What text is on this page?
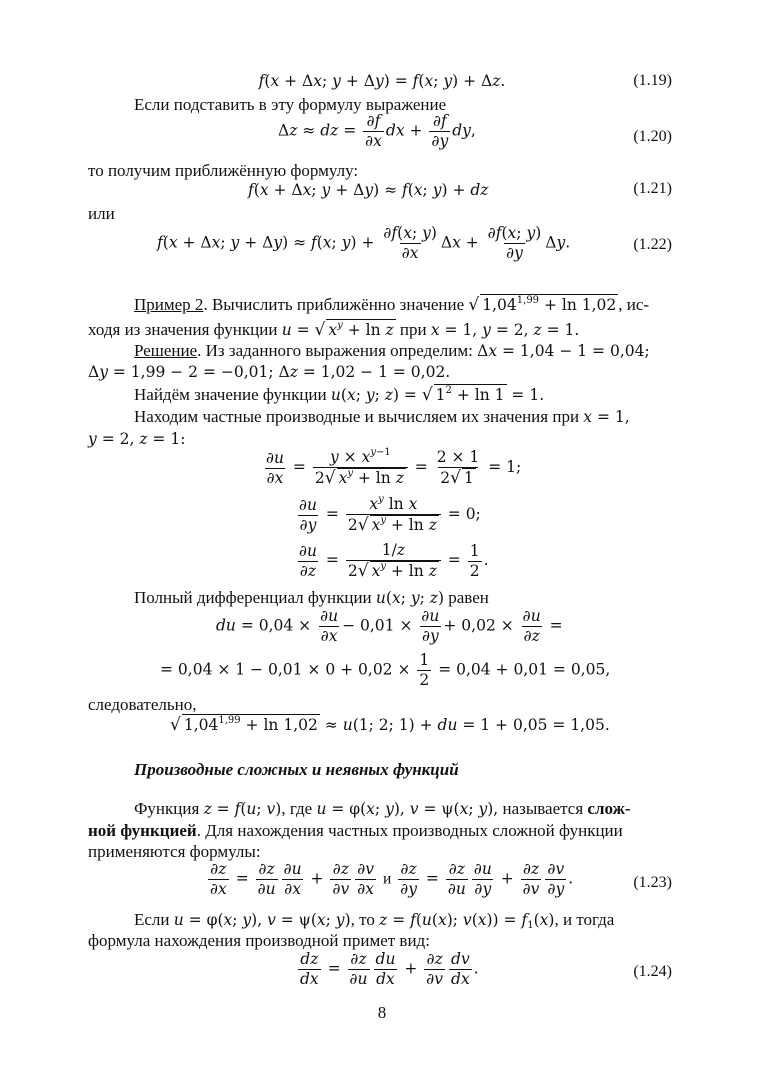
f(x + Δx; y + Δy) = f(x; y) + Δz.	(1.19)
Если подставить в эту формулу выражение
Δz ≈ dz = $\frac{\partial f}{\partial x}$ dx + $\frac{\partial f}{\partial y}$ dy,	(1.20)
то получим приближённую формулу:
f(x + Δx; y + Δy) ≈ f(x; y) + dz	(1.21)
или
f(x + Δx; y + Δy) ≈ f(x; $y) + \frac{\partial f(x; y)}{\partial x}$ $\Delta x + \frac{\partial f(x; y)}{\partial y} \Delta y$.	(1.22)
Пример 2. Вычислить приближённо значение √ $1,04^{1,99} + \ln 1,02$ , ис-
ходя из значения функции u = √ $x^y + \ln z$ при x = 1, y = 2, z = 1.
Решение. Из заданного выражения определим: Δx = 1,04 − 1 = 0,04;
Δy = 1,99 − 2 = −0,01; Δz = 1,02 − 1 = 0,02.
Найдём значение функции u(x; y; z) = √ $1^2 + \ln 1 = 1$.
Находим частные производные и вычисляем их значения при x = 1,
y = 2, z = 1:
$\frac{\partial u}{\partial x} = \frac{y \times x^{y-1}}{2√ x^y + \ln z} = \frac{2 \times 1}{2√ 1} = 1$;
$\frac{\partial u}{\partial y} = \frac{x^y \ln x}{2√ x^y + \ln z} = 0$;
$\frac{\partial u}{\partial z} = \frac{1/z}{2√ x^y + \ln z} = \frac{1}{2}$ .
Полный дифференциал функции u(x; y; z) равен
du = $0,04 \times \frac{\partial u}{\partial x} - 0,01 \times \frac{\partial u}{\partial y} + 0,02 \times \frac{\partial u}{\partial z}$ =
= $0,04 \times 1 - 0,01 \times 0 + 0,02 \times \frac{1}{2} = 0,04 + 0,01 = 0,05$,
следовательно,
√ $1,04^{1,99} + \ln 1,02 \approx u(1$; 2; 1) + du = 1 + 0,05 = 1,05.
Производные сложных и неявных функций
Функция z = f(u; v), где u = φ(x; y), v = ψ(x; y), называется слож-
ной функцией. Для нахождения частных производных сложной функции
применяются формулы:
$\frac{\partial z}{\partial x} = \frac{\partial z}{\partial u} \frac{\partial u}{\partial x} + \frac{\partial z}{\partial v} \frac{\partial v}{\partial x}$ и $\frac{\partial z}{\partial y} = \frac{\partial z}{\partial u} \frac{\partial u}{\partial y} + \frac{\partial z}{\partial v} \frac{\partial v}{\partial y}$ .	(1.23)
Если u = φ(x; y), v = ψ(x; y), то z = f(u(x); $v(x)) = f_1(x)$, и тогда
формула нахождения производной примет вид:
$\frac{dz}{dx} = \frac{\partial z}{\partial u} \frac{du}{dx} + \frac{\partial z}{\partial v} \frac{dv}{dx}$ .	(1.24)
8
